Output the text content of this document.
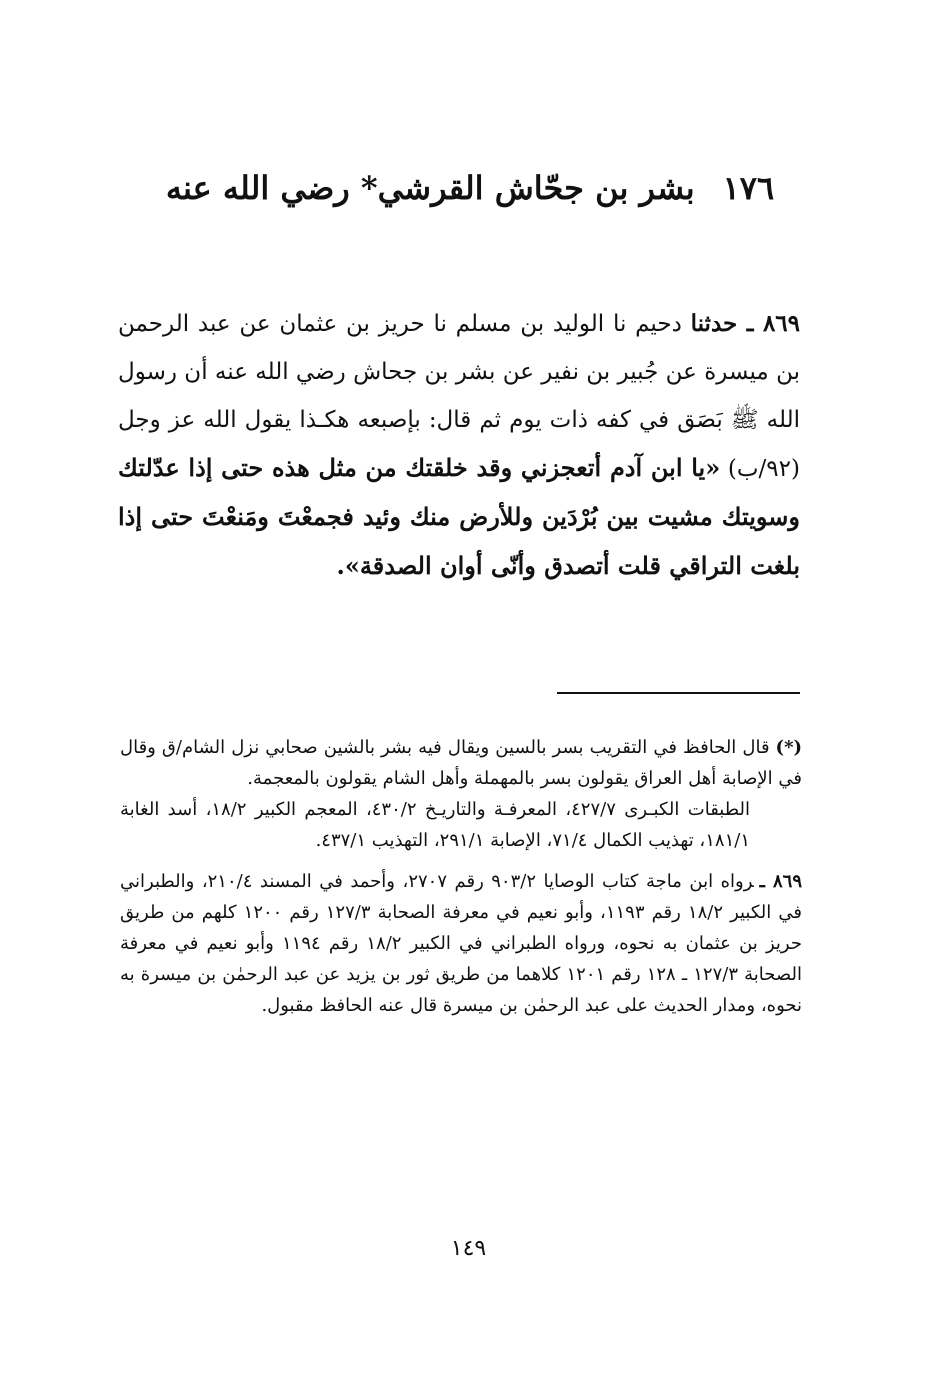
١٧٦بشر بن جحّاش القرشي* رضي الله عنه
٨٦٩ ـ حدثنا دحيم نا الوليد بن مسلم نا حريز بن عثمان عن عبد الرحمن بن ميسرة عن جُبير بن نفير عن بشر بن جحاش رضي الله عنه أن رسول الله ﷺ بَصَق في كفه ذات يوم ثم قال: بإصبعه هكـذا يقول الله عز وجل (٩٢/ب) «يا ابن آدم أتعجزني وقد خلقتك من مثل هذه حتى إذا عدّلتك وسويتك مشيت بين بُرْدَين وللأرض منك وئيد فجمعْتَ ومَنعْتَ حتى إذا بلغت التراقي قلت أتصدق وأنّى أوان الصدقة».

(*)قال الحافظ في التقريب بسر بالسين ويقال فيه بشر بالشين صحابي نزل الشام/ق وقال في الإصابة أهل العراق يقولون بسر بالمهملة وأهل الشام يقولون بالمعجمة.

الطبقات الكبـرى ٤٢٧/٧، المعرفـة والتاريـخ ٤٣٠/٢، المعجم الكبير ١٨/٢، أسد الغابة ١٨١/١، تهذيب الكمال ٧١/٤، الإصابة ٢٩١/١، التهذيب ٤٣٧/١.

٨٦٩ ـرواه ابن ماجة كتاب الوصايا ٩٠٣/٢ رقم ٢٧٠٧، وأحمد في المسند ٢١٠/٤، والطبراني في الكبير ١٨/٢ رقم ١١٩٣، وأبو نعيم في معرفة الصحابة ١٢٧/٣ رقم ١٢٠٠ كلهم من طريق حريز بن عثمان به نحوه، ورواه الطبراني في الكبير ١٨/٢ رقم ١١٩٤ وأبو نعيم في معرفة الصحابة ١٢٧/٣ ـ ١٢٨ رقم ١٢٠١ كلاهما من طريق ثور بن يزيد عن عبد الرحمٰن بن ميسرة به نحوه، ومدار الحديث على عبد الرحمٰن بن ميسرة قال عنه الحافظ مقبول.

١٤٩
